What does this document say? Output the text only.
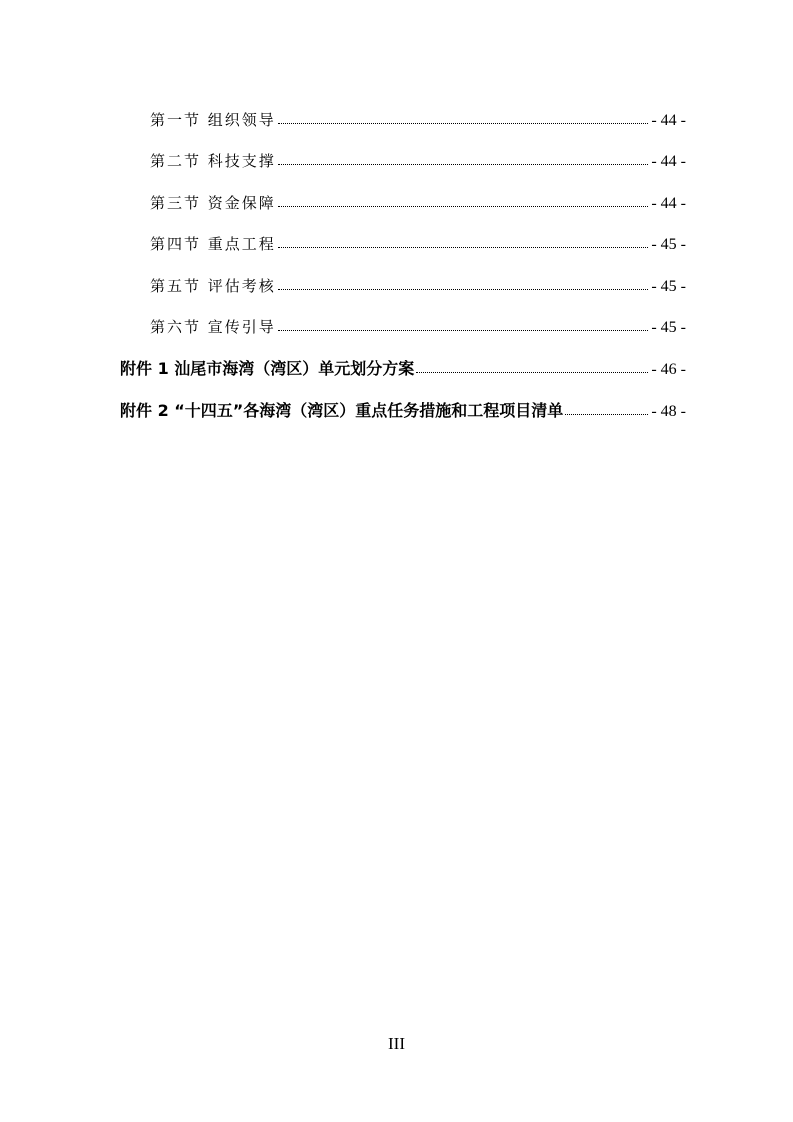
第一节 组织领导	- 44 -
第二节 科技支撑	- 44 -
第三节 资金保障	- 44 -
第四节 重点工程	- 45 -
第五节 评估考核	- 45 -
第六节 宣传引导	- 45 -
附件 1 汕尾市海湾（湾区）单元划分方案	- 46 -
附件 2 “十四五”各海湾（湾区）重点任务措施和工程项目清单	- 48 -
III
